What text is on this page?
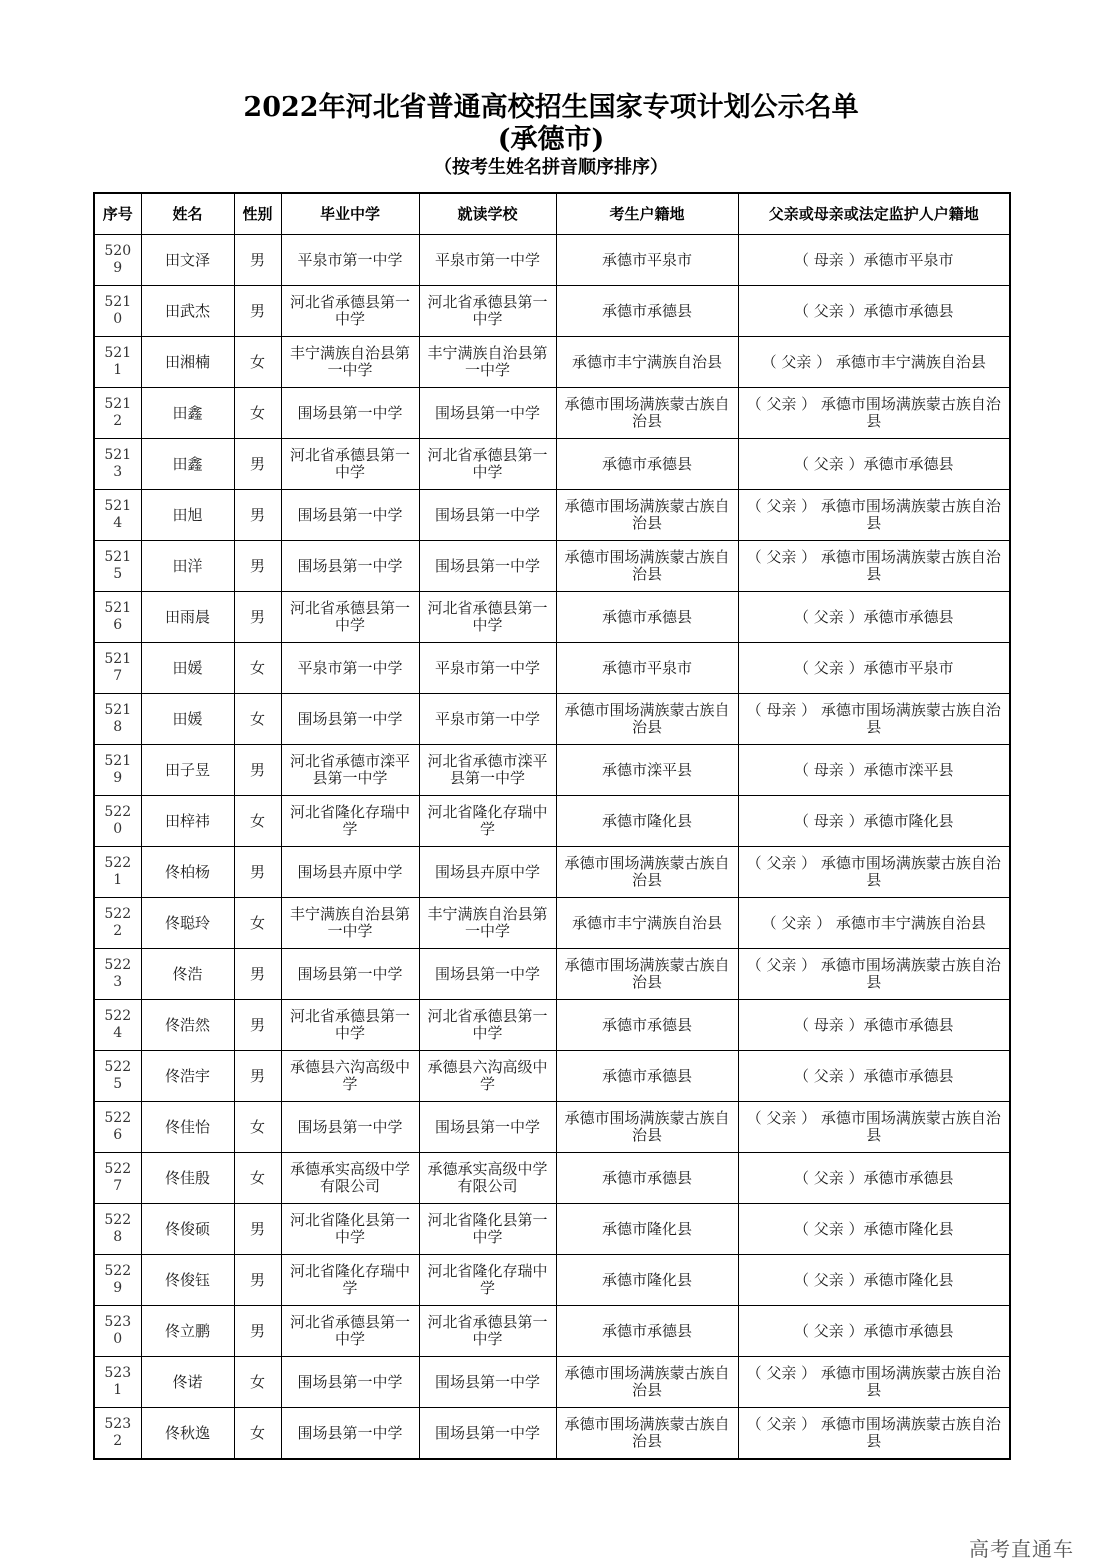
2022年河北省普通高校招生国家专项计划公示名单
(承德市)
（按考生姓名拼音顺序排序）
序号	姓名	性别	毕业中学	就读学校	考生户籍地	父亲或母亲或法定监护人户籍地
5209	田文泽	男	平泉市第一中学	平泉市第一中学	承德市平泉市	（ 母亲 ）承德市平泉市
5210	田武杰	男	河北省承德县第一中学	河北省承德县第一中学	承德市承德县	（ 父亲 ）承德市承德县
5211	田湘楠	女	丰宁满族自治县第一中学	丰宁满族自治县第一中学	承德市丰宁满族自治县	（ 父亲 ） 承德市丰宁满族自治县
5212	田鑫	女	围场县第一中学	围场县第一中学	承德市围场满族蒙古族自治县	（ 父亲 ） 承德市围场满族蒙古族自治县
5213	田鑫	男	河北省承德县第一中学	河北省承德县第一中学	承德市承德县	（ 父亲 ）承德市承德县
5214	田旭	男	围场县第一中学	围场县第一中学	承德市围场满族蒙古族自治县	（ 父亲 ） 承德市围场满族蒙古族自治县
5215	田洋	男	围场县第一中学	围场县第一中学	承德市围场满族蒙古族自治县	（ 父亲 ） 承德市围场满族蒙古族自治县
5216	田雨晨	男	河北省承德县第一中学	河北省承德县第一中学	承德市承德县	（ 父亲 ）承德市承德县
5217	田媛	女	平泉市第一中学	平泉市第一中学	承德市平泉市	（ 父亲 ）承德市平泉市
5218	田媛	女	围场县第一中学	平泉市第一中学	承德市围场满族蒙古族自治县	（ 母亲 ） 承德市围场满族蒙古族自治县
5219	田子昱	男	河北省承德市滦平县第一中学	河北省承德市滦平县第一中学	承德市滦平县	（ 母亲 ）承德市滦平县
5220	田梓祎	女	河北省隆化存瑞中学	河北省隆化存瑞中学	承德市隆化县	（ 母亲 ）承德市隆化县
5221	佟柏杨	男	围场县卉原中学	围场县卉原中学	承德市围场满族蒙古族自治县	（ 父亲 ） 承德市围场满族蒙古族自治县
5222	佟聪玲	女	丰宁满族自治县第一中学	丰宁满族自治县第一中学	承德市丰宁满族自治县	（ 父亲 ） 承德市丰宁满族自治县
5223	佟浩	男	围场县第一中学	围场县第一中学	承德市围场满族蒙古族自治县	（ 父亲 ） 承德市围场满族蒙古族自治县
5224	佟浩然	男	河北省承德县第一中学	河北省承德县第一中学	承德市承德县	（ 母亲 ）承德市承德县
5225	佟浩宇	男	承德县六沟高级中学	承德县六沟高级中学	承德市承德县	（ 父亲 ）承德市承德县
5226	佟佳怡	女	围场县第一中学	围场县第一中学	承德市围场满族蒙古族自治县	（ 父亲 ） 承德市围场满族蒙古族自治县
5227	佟佳殷	女	承德承实高级中学有限公司	承德承实高级中学有限公司	承德市承德县	（ 父亲 ）承德市承德县
5228	佟俊硕	男	河北省隆化县第一中学	河北省隆化县第一中学	承德市隆化县	（ 父亲 ）承德市隆化县
5229	佟俊钰	男	河北省隆化存瑞中学	河北省隆化存瑞中学	承德市隆化县	（ 父亲 ）承德市隆化县
5230	佟立鹏	男	河北省承德县第一中学	河北省承德县第一中学	承德市承德县	（ 父亲 ）承德市承德县
5231	佟诺	女	围场县第一中学	围场县第一中学	承德市围场满族蒙古族自治县	（ 父亲 ） 承德市围场满族蒙古族自治县
5232	佟秋逸	女	围场县第一中学	围场县第一中学	承德市围场满族蒙古族自治县	（ 父亲 ） 承德市围场满族蒙古族自治县
高考直通车
